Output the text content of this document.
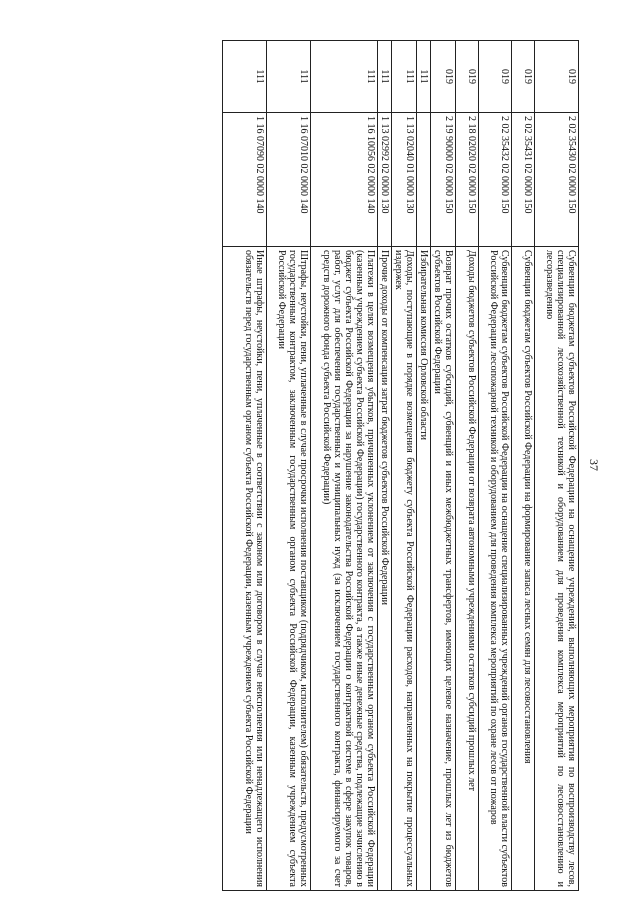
37
019	2 02 35430 02 0000 150	Субвенции бюджетам субъектов Российской Федерации на оснащение учреждений, выполняющих мероприятия по воспроизводству лесов, специализированной лесохозяйственной техникой и оборудованием для проведения комплекса мероприятий по лесовосстановлению и лесоразведению
019	2 02 35431 02 0000 150	Субвенции бюджетам субъектов Российской Федерации на формирование запаса лесных семян для лесовосстановления
019	2 02 35432 02 0000 150	Субвенции бюджетам субъектов Российской Федерации на оснащение специализированных учреждений органов государственной власти субъектов Российской Федерации лесопожарной техникой и оборудованием для проведения комплекса мероприятий по охране лесов от пожаров
019	2 18 02020 02 0000 150	Доходы бюджетов субъектов Российской Федерации от возврата автономными учреждениями остатков субсидий прошлых лет
019	2 19 90000 02 0000 150	Возврат прочих остатков субсидий, субвенций и иных межбюджетных трансфертов, имеющих целевое назначение, прошлых лет из бюджетов субъектов Российской Федерации
111		Избирательная комиссия Орловской области
111	1 13 02040 01 0000 130	Доходы, поступающие в порядке возмещения бюджету субъекта Российской Федерации расходов, направленных на покрытие процессуальных издержек
111	1 13 02992 02 0000 130	Прочие доходы от компенсации затрат бюджетов субъектов Российской Федерации
111	1 16 10056 02 0000 140	Платежи в целях возмещения убытков, причиненных уклонением от заключения с государственным органом субъекта Российской Федерации (казенным учреждением субъекта Российской Федерации) государственного контракта, а также иные денежные средства, подлежащие зачислению в бюджет субъекта Российской Федерации за нарушение законодательства Российской Федерации о контрактной системе в сфере закупок товаров, работ, услуг для обеспечения государственных и муниципальных нужд (за исключением государственного контракта, финансируемого за счет средств дорожного фонда субъекта Российской Федерации)
111	1 16 07010 02 0000 140	Штрафы, неустойки, пени, уплаченные в случае просрочки исполнения поставщиком (подрядчиком, исполнителем) обязательств, предусмотренных государственным контрактом, заключенным государственным органом субъекта Российской Федерации, казенным учреждением субъекта Российской Федерации
111	1 16 07090 02 0000 140	Иные штрафы, неустойки, пени, уплаченные в соответствии с законом или договором в случае неисполнения или ненадлежащего исполнения обязательств перед государственным органом субъекта Российской Федерации, казенным учреждением субъекта Российской Федерации
